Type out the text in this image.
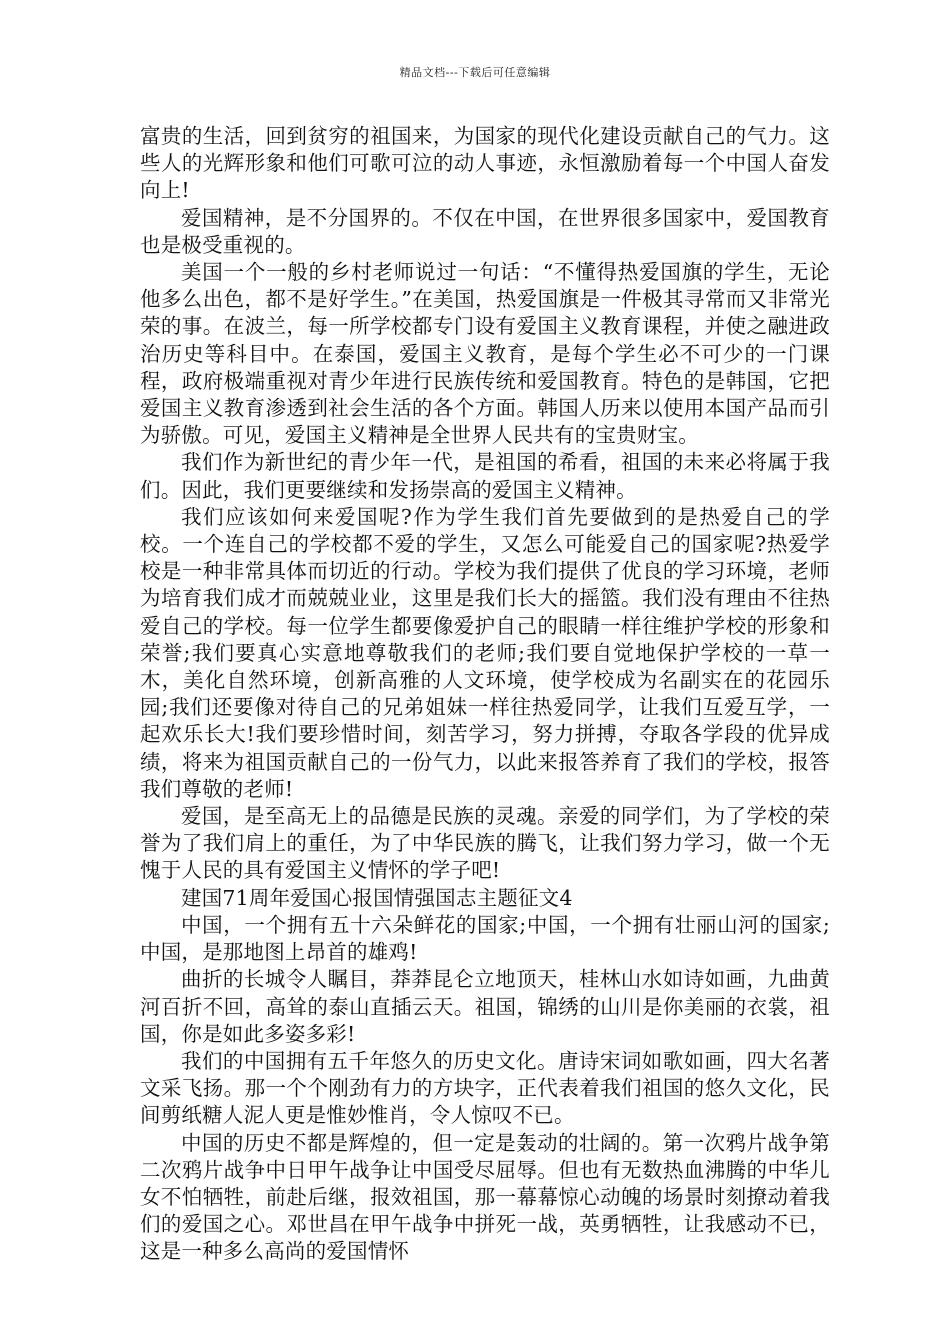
精品文档---下载后可任意编辑

富贵的生活，回到贫穷的祖国来，为国家的现代化建设贡献自己的气力。这些人的光辉形象和他们可歌可泣的动人事迹，永恒激励着每一个中国人奋发向上!

爱国精神，是不分国界的。不仅在中国，在世界很多国家中，爱国教育也是极受重视的。

美国一个一般的乡村老师说过一句话：“不懂得热爱国旗的学生，无论他多么出色，都不是好学生。”在美国，热爱国旗是一件极其寻常而又非常光荣的事。在波兰，每一所学校都专门设有爱国主义教育课程，并使之融进政治历史等科目中。在泰国，爱国主义教育，是每个学生必不可少的一门课程，政府极端重视对青少年进行民族传统和爱国教育。特色的是韩国，它把爱国主义教育渗透到社会生活的各个方面。韩国人历来以使用本国产品而引为骄傲。可见，爱国主义精神是全世界人民共有的宝贵财宝。

我们作为新世纪的青少年一代，是祖国的希看，祖国的未来必将属于我们。因此，我们更要继续和发扬崇高的爱国主义精神。

我们应该如何来爱国呢?作为学生我们首先要做到的是热爱自己的学校。一个连自己的学校都不爱的学生，又怎么可能爱自己的国家呢?热爱学校是一种非常具体而切近的行动。学校为我们提供了优良的学习环境，老师为培育我们成才而兢兢业业，这里是我们长大的摇篮。我们没有理由不往热爱自己的学校。每一位学生都要像爱护自己的眼睛一样往维护学校的形象和荣誉;我们要真心实意地尊敬我们的老师;我们要自觉地保护学校的一草一木，美化自然环境，创新高雅的人文环境，使学校成为名副实在的花园乐园;我们还要像对待自己的兄弟姐妹一样往热爱同学，让我们互爱互学，一起欢乐长大!我们要珍惜时间，刻苦学习，努力拼搏，夺取各学段的优异成绩，将来为祖国贡献自己的一份气力，以此来报答养育了我们的学校，报答我们尊敬的老师!

爱国，是至高无上的品德是民族的灵魂。亲爱的同学们，为了学校的荣誉为了我们肩上的重任，为了中华民族的腾飞，让我们努力学习，做一个无愧于人民的具有爱国主义情怀的学子吧!

建国71周年爱国心报国情强国志主题征文4

中国，一个拥有五十六朵鲜花的国家;中国，一个拥有壮丽山河的国家;中国，是那地图上昂首的雄鸡!

曲折的长城令人瞩目，莽莽昆仑立地顶天，桂林山水如诗如画，九曲黄河百折不回，高耸的泰山直插云天。祖国，锦绣的山川是你美丽的衣裳，祖国，你是如此多姿多彩!

我们的中国拥有五千年悠久的历史文化。唐诗宋词如歌如画，四大名著文采飞扬。那一个个刚劲有力的方块字，正代表着我们祖国的悠久文化，民间剪纸糖人泥人更是惟妙惟肖，令人惊叹不已。

中国的历史不都是辉煌的，但一定是轰动的壮阔的。第一次鸦片战争第二次鸦片战争中日甲午战争让中国受尽屈辱。但也有无数热血沸腾的中华儿女不怕牺牲，前赴后继，报效祖国，那一幕幕惊心动魄的场景时刻撩动着我们的爱国之心。邓世昌在甲午战争中拼死一战，英勇牺牲，让我感动不已，这是一种多么高尚的爱国情怀
